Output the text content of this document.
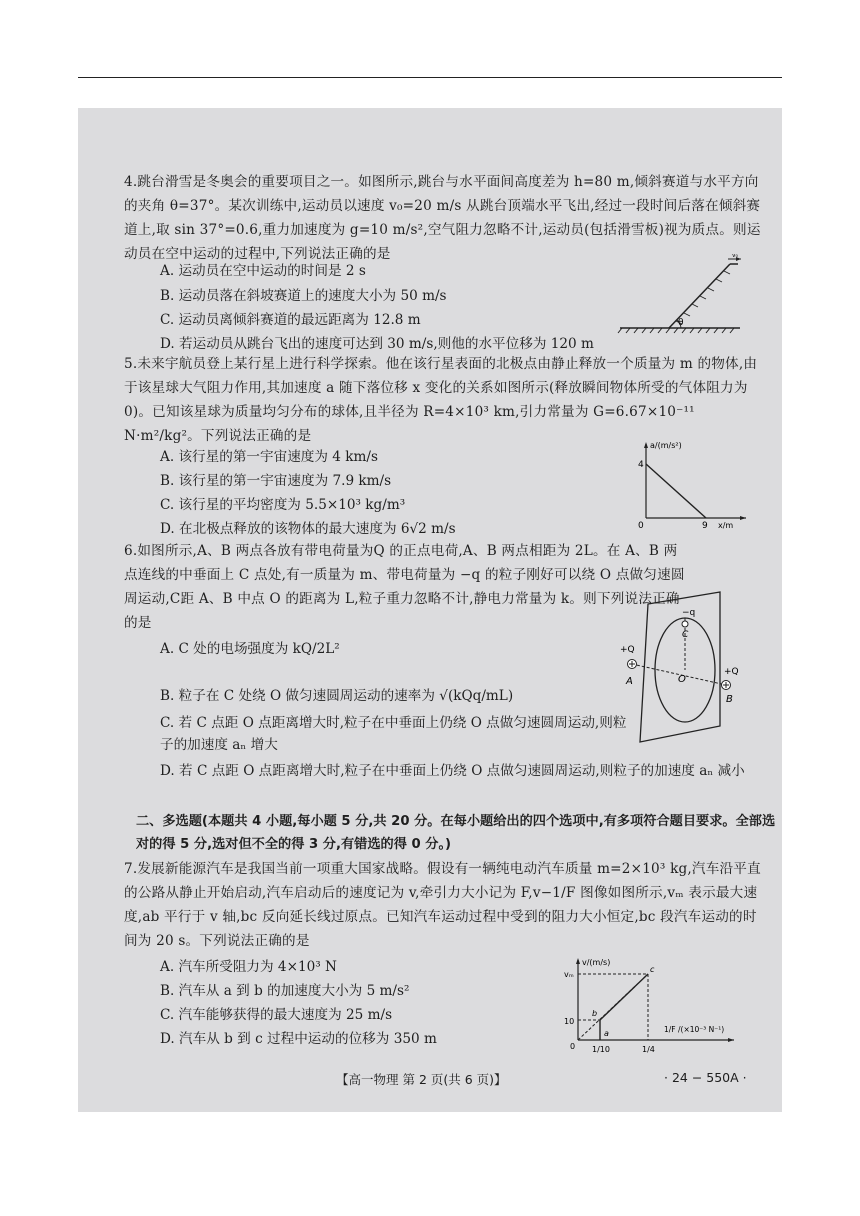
4.跳台滑雪是冬奥会的重要项目之一。如图所示,跳台与水平面间高度差为 h=80 m,倾斜赛道与水平方向的夹角 θ=37°。某次训练中,运动员以速度 v₀=20 m/s 从跳台顶端水平飞出,经过一段时间后落在倾斜赛道上,取 sin 37°=0.6,重力加速度为 g=10 m/s²,空气阻力忽略不计,运动员(包括滑雪板)视为质点。则运动员在空中运动的过程中,下列说法正确的是

A. 运动员在空中运动的时间是 2 s
B. 运动员落在斜坡赛道上的速度大小为 50 m/s
C. 运动员离倾斜赛道的最远距离为 12.8 m
D. 若运动员从跳台飞出的速度可达到 30 m/s,则他的水平位移为 120 m
θ
v₀

5.未来宇航员登上某行星上进行科学探索。他在该行星表面的北极点由静止释放一个质量为 m 的物体,由于该星球大气阻力作用,其加速度 a 随下落位移 x 变化的关系如图所示(释放瞬间物体所受的气体阻力为0)。已知该星球为质量均匀分布的球体,且半径为 R=4×10³ km,引力常量为 G=6.67×10⁻¹¹ N·m²/kg²。下列说法正确的是

A. 该行星的第一宇宙速度为 4 km/s
B. 该行星的第一宇宙速度为 7.9 km/s
C. 该行星的平均密度为 5.5×10³ kg/m³
D. 在北极点释放的该物体的最大速度为 6√2 m/s
a/(m/s²)
4
0	9 x/m

6.如图所示,A、B 两点各放有带电荷量为Q 的正点电荷,A、B 两点相距为 2L。在 A、B 两点连线的中垂面上 C 点处,有一质量为 m、带电荷量为 −q 的粒子刚好可以绕 O 点做匀速圆周运动,C距 A、B 中点 O 的距离为 L,粒子重力忽略不计,静电力常量为 k。则下列说法正确的是

A. C 处的电场强度为 kQ/2L²
B. 粒子在 C 处绕 O 做匀速圆周运动的速率为 √(kQq/mL)
C. 若 C 点距 O 点距离增大时,粒子在中垂面上仍绕 O 点做匀速圆周运动,则粒子的加速度 aₙ 增大
D. 若 C 点距 O 点距离增大时,粒子在中垂面上仍绕 O 点做匀速圆周运动,则粒子的加速度 aₙ 减小
+Q
+Q
A
B
−q
C
O
二、多选题(本题共 4 小题,每小题 5 分,共 20 分。在每小题给出的四个选项中,有多项符合题目要求。全部选对的得 5 分,选对但不全的得 3 分,有错选的得 0 分。)

7.发展新能源汽车是我国当前一项重大国家战略。假设有一辆纯电动汽车质量 m=2×10³ kg,汽车沿平直的公路从静止开始启动,汽车启动后的速度记为 v,牵引力大小记为 F,v−1/F 图像如图所示,vₘ 表示最大速度,ab 平行于 v 轴,bc 反向延长线过原点。已知汽车运动过程中受到的阻力大小恒定,bc 段汽车运动的时间为 20 s。下列说法正确的是

A. 汽车所受阻力为 4×10³ N
B. 汽车从 a 到 b 的加速度大小为 5 m/s²
C. 汽车能够获得的最大速度为 25 m/s
D. 汽车从 b 到 c 过程中运动的位移为 350 m
v/(m/s)
vₘ
10
0 1/10	1/4
1/F /(×10⁻³ N⁻¹)
a
b
c
【高一物理 第 2 页(共 6 页)】	· 24 − 550A ·
